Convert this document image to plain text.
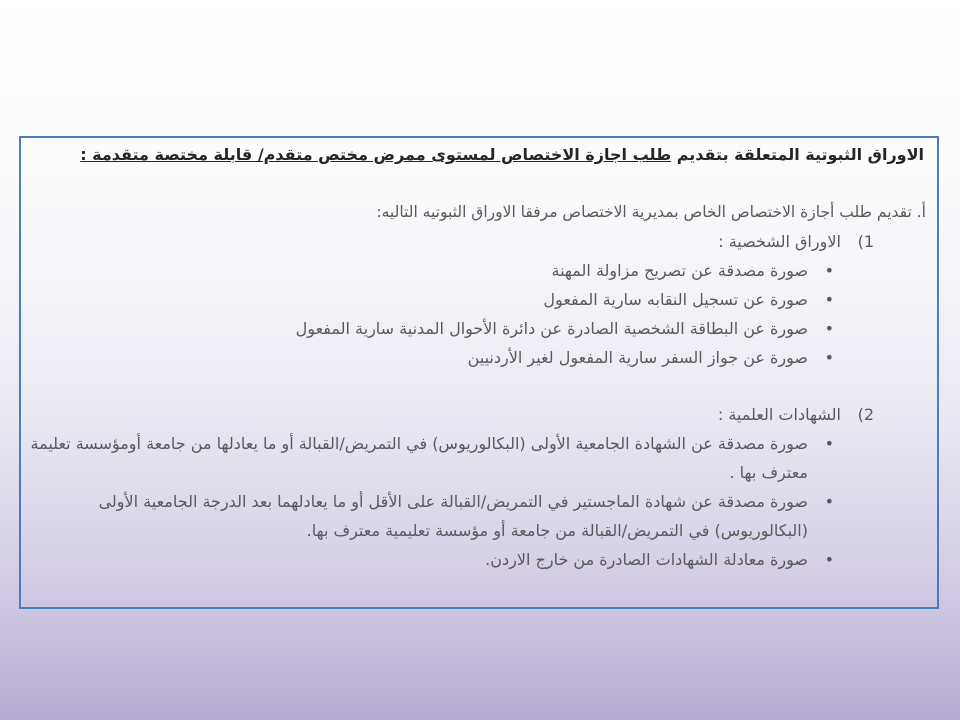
الاوراق الثبوتية المتعلقة بتقديم طلب اجازة الاختصاص لمستوى ممرض مختص متقدم/ قابلة مختصة متقدمة :
أ. تقديم طلب أجازة الاختصاص الخاص بمديرية الاختصاص مرفقا الاوراق الثبوتيه التاليه:
1) الاوراق الشخصية :
• صورة مصدقة عن تصريح مزاولة المهنة
• صورة عن تسجيل النقابه سارية المفعول
• صورة عن البطاقة الشخصية الصادرة عن دائرة الأحوال المدنية سارية المفعول
• صورة عن جواز السفر سارية المفعول لغير الأردنيين
2) الشهادات العلمية :
• صورة مصدقة عن الشهادة الجامعية الأولى (البكالوريوس) في التمريض/القبالة أو ما يعادلها من جامعة أومؤسسة تعليمة معترف بها .
• صورة مصدقة عن شهادة الماجستير في التمريض/القبالة على الأقل أو ما يعادلهما بعد الدرجة الجامعية الأولى (البكالوريوس) في التمريض/القبالة من جامعة أو مؤسسة تعليمية معترف بها.
• صورة معادلة الشهادات الصادرة من خارج الاردن.
